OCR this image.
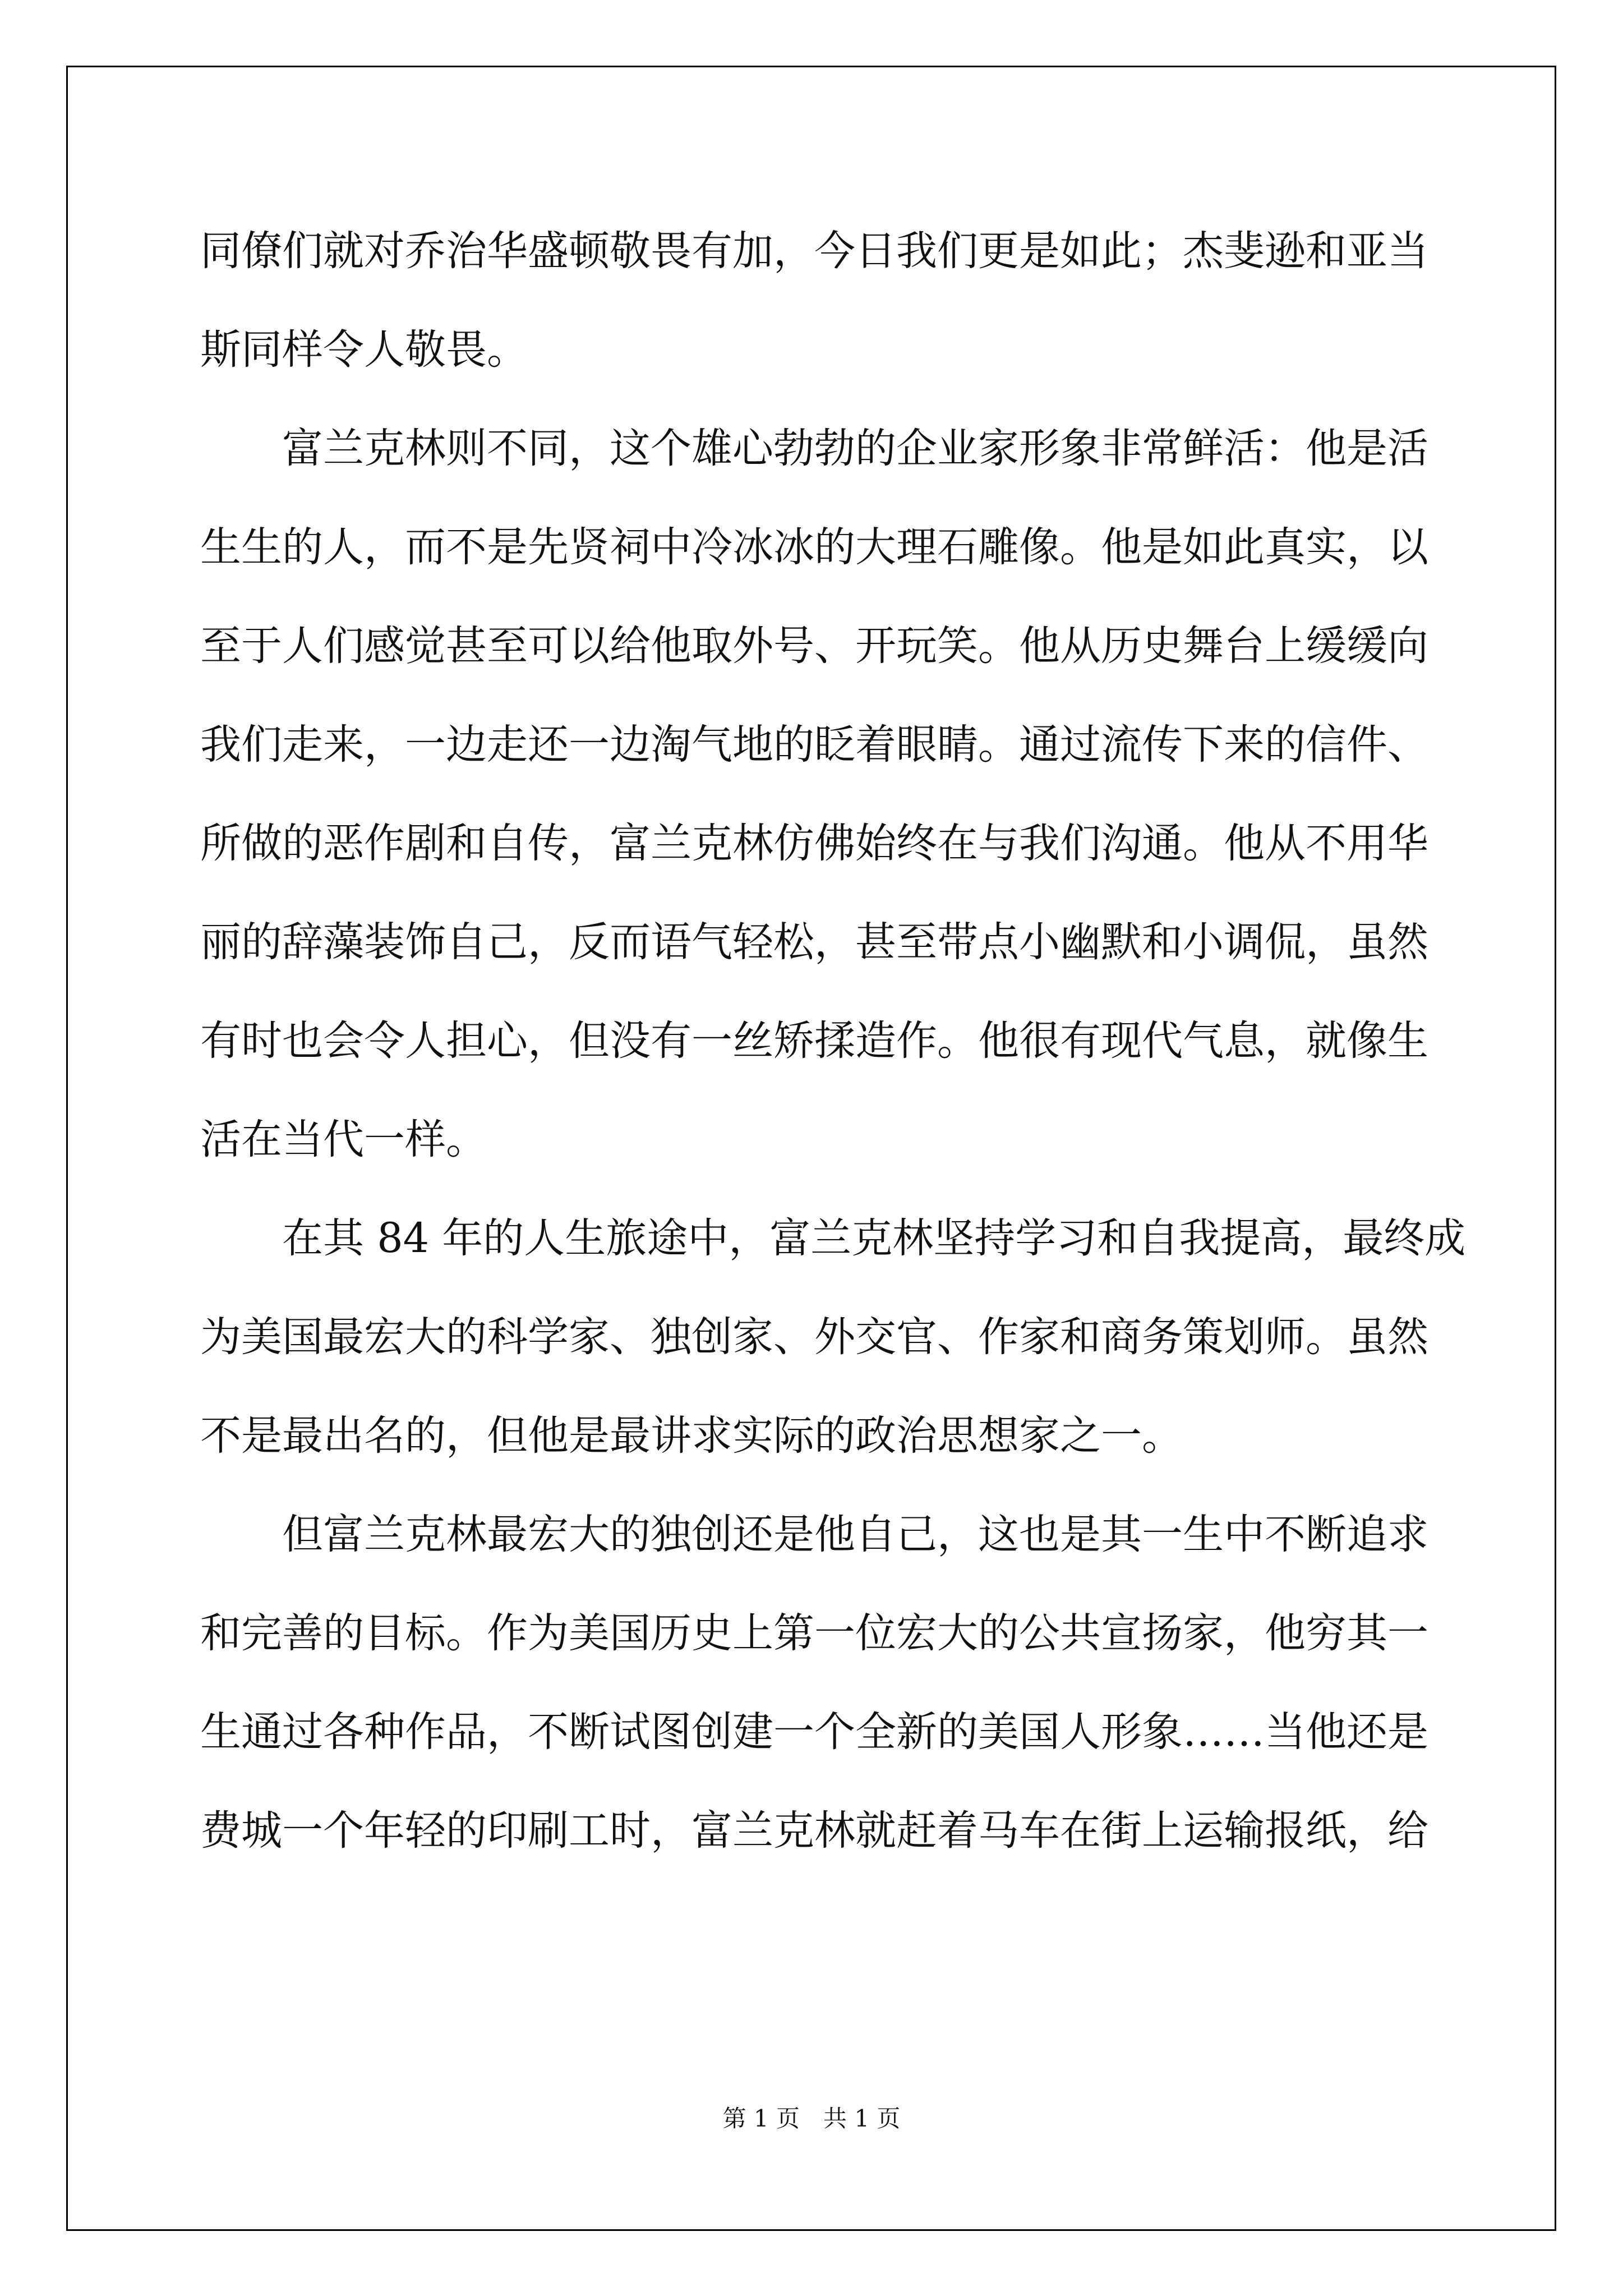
同僚们就对乔治华盛顿敬畏有加，今日我们更是如此；杰斐逊和亚当
斯同样令人敬畏。
　　富兰克林则不同，这个雄心勃勃的企业家形象非常鲜活：他是活
生生的人，而不是先贤祠中冷冰冰的大理石雕像。他是如此真实，以
至于人们感觉甚至可以给他取外号、开玩笑。他从历史舞台上缓缓向
我们走来，一边走还一边淘气地的眨着眼睛。通过流传下来的信件、
所做的恶作剧和自传，富兰克林仿佛始终在与我们沟通。他从不用华
丽的辞藻装饰自己，反而语气轻松，甚至带点小幽默和小调侃，虽然
有时也会令人担心，但没有一丝矫揉造作。他很有现代气息，就像生
活在当代一样。
　　在其 84 年的人生旅途中，富兰克林坚持学习和自我提高，最终成
为美国最宏大的科学家、独创家、外交官、作家和商务策划师。虽然
不是最出名的，但他是最讲求实际的政治思想家之一。
　　但富兰克林最宏大的独创还是他自己，这也是其一生中不断追求
和完善的目标。作为美国历史上第一位宏大的公共宣扬家，他穷其一
生通过各种作品，不断试图创建一个全新的美国人形象……当他还是
费城一个年轻的印刷工时，富兰克林就赶着马车在街上运输报纸，给
第 1 页　共 1 页
